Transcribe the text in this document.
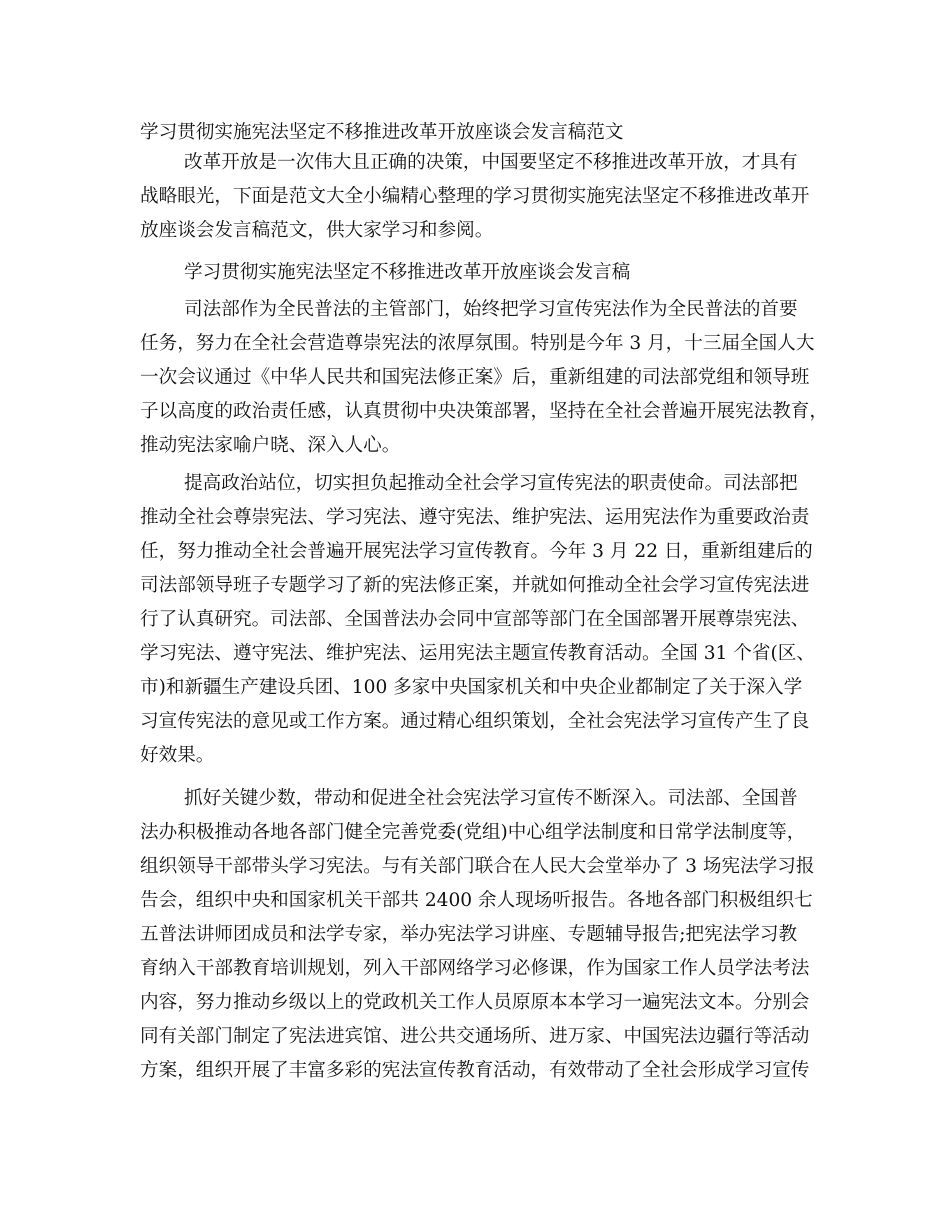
学习贯彻实施宪法坚定不移推进改革开放座谈会发言稿范文
改革开放是一次伟大且正确的决策，中国要坚定不移推进改革开放，才具有
战略眼光，下面是范文大全小编精心整理的学习贯彻实施宪法坚定不移推进改革开
放座谈会发言稿范文，供大家学习和参阅。
学习贯彻实施宪法坚定不移推进改革开放座谈会发言稿
司法部作为全民普法的主管部门，始终把学习宣传宪法作为全民普法的首要
任务，努力在全社会营造尊崇宪法的浓厚氛围。特别是今年 3 月，十三届全国人大
一次会议通过《中华人民共和国宪法修正案》后，重新组建的司法部党组和领导班
子以高度的政治责任感，认真贯彻中央决策部署，坚持在全社会普遍开展宪法教育，
推动宪法家喻户晓、深入人心。
提高政治站位，切实担负起推动全社会学习宣传宪法的职责使命。司法部把
推动全社会尊崇宪法、学习宪法、遵守宪法、维护宪法、运用宪法作为重要政治责
任，努力推动全社会普遍开展宪法学习宣传教育。今年 3 月 22 日，重新组建后的
司法部领导班子专题学习了新的宪法修正案，并就如何推动全社会学习宣传宪法进
行了认真研究。司法部、全国普法办会同中宣部等部门在全国部署开展尊崇宪法、
学习宪法、遵守宪法、维护宪法、运用宪法主题宣传教育活动。全国 31 个省(区、
市)和新疆生产建设兵团、100 多家中央国家机关和中央企业都制定了关于深入学
习宣传宪法的意见或工作方案。通过精心组织策划，全社会宪法学习宣传产生了良
好效果。
抓好关键少数，带动和促进全社会宪法学习宣传不断深入。司法部、全国普
法办积极推动各地各部门健全完善党委(党组)中心组学法制度和日常学法制度等，
组织领导干部带头学习宪法。与有关部门联合在人民大会堂举办了 3 场宪法学习报
告会，组织中央和国家机关干部共 2400 余人现场听报告。各地各部门积极组织七
五普法讲师团成员和法学专家，举办宪法学习讲座、专题辅导报告;把宪法学习教
育纳入干部教育培训规划，列入干部网络学习必修课，作为国家工作人员学法考法
内容，努力推动乡级以上的党政机关工作人员原原本本学习一遍宪法文本。分别会
同有关部门制定了宪法进宾馆、进公共交通场所、进万家、中国宪法边疆行等活动
方案，组织开展了丰富多彩的宪法宣传教育活动，有效带动了全社会形成学习宣传
